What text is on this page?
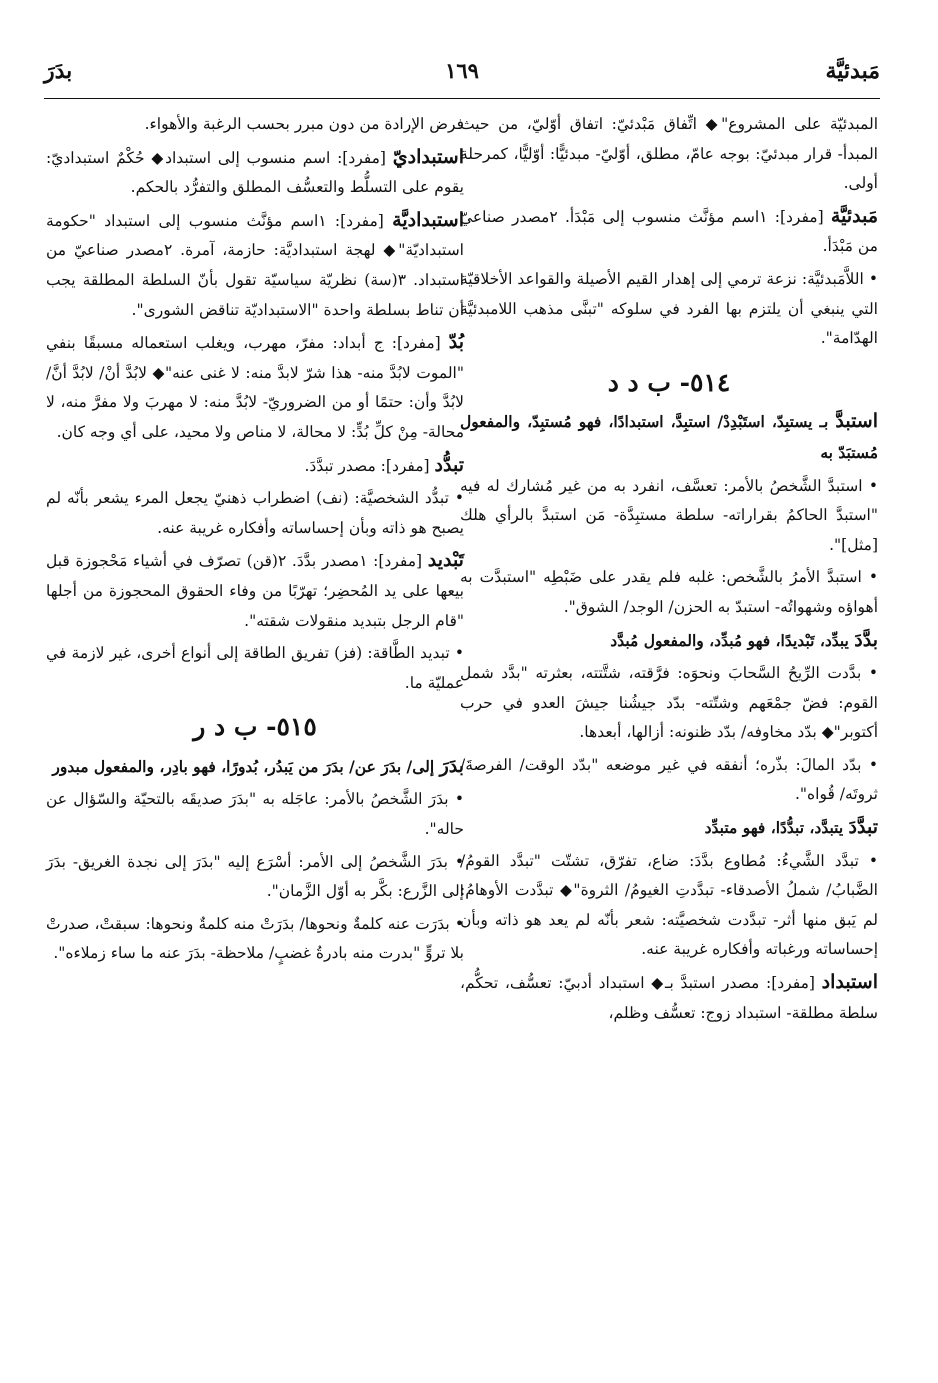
مَبدئيَّة
١٦٩
بدَرَ

المبدئيّة على المشروع"◆ اتِّفاق مَبْدئيّ: اتفاق أوّليّ، من حيث المبدأ- قرار مبدئيّ: بوجه عامّ، مطلق، أوّليّ- مبدئيًّا: أوّليًّا، كمرحلة أولى.

مَبدئيَّة [مفرد]: ١اسم مؤنَّث منسوب إلى مَبْدَأ. ٢مصدر صناعيّ من مَبْدَأ.

• اللاَّمَبدئيَّة: نزعة ترمي إلى إهدار القيم الأصيلة والقواعد الأخلاقيّة التي ينبغي أن يلتزم بها الفرد في سلوكه "تبنَّى مذهب اللامبدئيَّة الهدّامة".

٥١٤- ب د د

استبدَّ بـ يستبِدّ، استَبْدِدْ/ استبِدَّ، استبدادًا، فهو مُستبِدّ، والمفعول مُستبَدّ به

• استبدَّ الشَّخصُ بالأمر: تعسَّف، انفرد به من غير مُشارك له فيه "استبدَّ الحاكمُ بقراراته- سلطة مستبِدَّة- مَن استبدَّ بالرأي هلك [مثل]".

• استبدَّ الأمرُ بالشَّخص: غلبه فلم يقدر على ضَبْطِه "استبدَّت به أهواؤه وشهواتُه- استبدّ به الحزن/ الوجد/ الشوق".

بدَّدَ يبدِّد، تَبْديدًا، فهو مُبدِّد، والمفعول مُبدَّد

• بدَّدت الرِّيحُ السَّحابَ ونحوَه: فرَّقته، شتَّتته، بعثرته "بدَّد شمل القوم: فضّ جمْعَهم وشتّته- بدّد جيشُنا جيشَ العدو في حرب أكتوبر"◆ بدّد مخاوفه/ بدّد ظنونه: أزالها، أبعدها.

• بدّد المالَ: بذّره؛ أنفقه في غير موضعه "بدّد الوقت/ الفرصةَ/ ثروتَه/ قُواه".

تبدَّدَ يتبدَّد، تبدُّدًا، فهو متبدِّد

• تبدَّد الشَّيءُ: مُطاوع بدَّدَ: ضاع، تفرّق، تشتّت "تبدَّد القومُ/ الضَّبابُ/ شملُ الأصدقاء- تبدَّدتِ الغيومُ/ الثروة"◆ تبدَّدت الأوهامُ: لم يَبق منها أثر- تبدَّدت شخصيَّته: شعر بأنّه لم يعد هو ذاته وبأن إحساساته ورغباته وأفكاره غريبة عنه.

استبداد [مفرد]: مصدر استبدَّ بـ◆ استبداد أدبيّ: تعسُّف، تحكُّم، سلطة مطلقة- استبداد زوج: تعسُّف وظلم،

فرض الإرادة من دون مبرر بحسب الرغبة والأهواء.

استبداديّ [مفرد]: اسم منسوب إلى استبداد◆ حُكْمٌ استبداديّ: يقوم على التسلُّط والتعسُّف المطلق والتفرُّد بالحكم.

استبداديَّة [مفرد]: ١اسم مؤنَّث منسوب إلى استبداد "حكومة استبداديّة"◆ لهجة استبداديَّة: حازمة، آمرة. ٢مصدر صناعيّ من استبداد. ٣(سة) نظريّة سياسيّة تقول بأنّ السلطة المطلقة يجب أن تناط بسلطة واحدة "الاستبداديّة تناقض الشورى".

بُدّ [مفرد]: ج أبداد: مفرّ، مهرب، ويغلب استعماله مسبقًا بنفي "الموت لابُدَّ منه- هذا شرّ لابدَّ منه: لا غنى عنه"◆ لابُدَّ أنْ/ لابُدَّ أنَّ/ لابُدَّ وأن: حتمًا أو من الضروريّ- لابُدَّ منه: لا مهربَ ولا مفرَّ منه، لا محالة- مِنْ كلِّ بُدٍّ: لا محالة، لا مناص ولا محيد، على أي وجه كان.

تبدُّد [مفرد]: مصدر تبدَّدَ.

• تبدُّد الشخصيَّة: (نف) اضطراب ذهنيّ يجعل المرء يشعر بأنّه لم يصبح هو ذاته وبأن إحساساته وأفكاره غريبة عنه.

تَبْديد [مفرد]: ١مصدر بدَّدَ. ٢(قن) تصرّف في أشياء مَحْجوزة قبل بيعها على يد المُحضِر؛ تهرّبًا من وفاء الحقوق المحجوزة من أجلها "قام الرجل بتبديد منقولات شقته".

• تبديد الطَّاقة: (فز) تفريق الطاقة إلى أنواع أخرى، غير لازمة في عمليّة ما.

٥١٥- ب د ر

بدَرَ إلى/ بدَرَ عن/ بدَرَ من يَبدُر، بُدورًا، فهو بادِر، والمفعول مبدور

• بدَرَ الشَّخصُ بالأمر: عاجَله به "بدَرَ صديقَه بالتحيّة والسّؤال عن حاله".

• بدَرَ الشَّخصُ إلى الأمر: أسْرَع إليه "بدَرَ إلى نجدة الغريق- بدَرَ إلى الزَّرع: بكَّر به أوّل الزَّمان".

• بدَرَت عنه كلمةٌ ونحوها/ بدَرَتْ منه كلمةٌ ونحوها: سبقتْ، صدرتْ بلا تروٍّ "بدرت منه بادرةُ غضبٍ/ ملاحظة- بدَرَ عنه ما ساء زملاءه".
